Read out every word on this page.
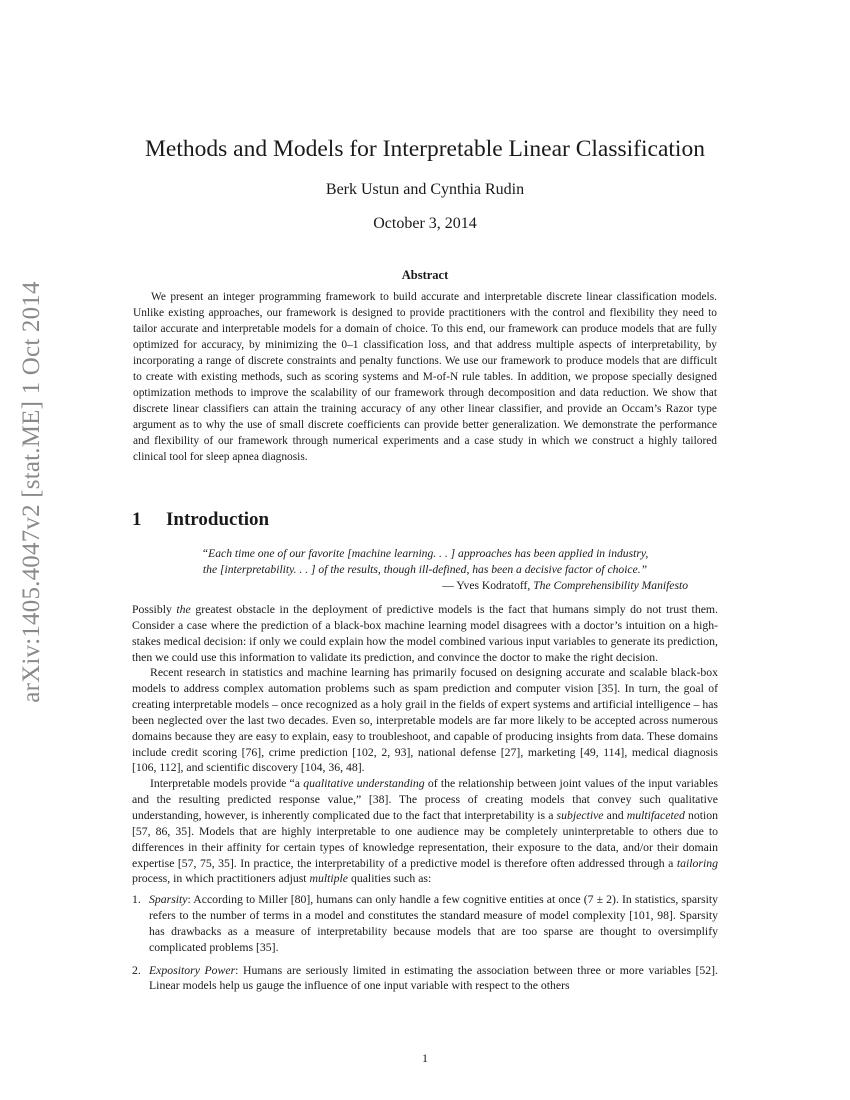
arXiv:1405.4047v2 [stat.ME] 1 Oct 2014
Methods and Models for Interpretable Linear Classification
Berk Ustun and Cynthia Rudin
October 3, 2014
Abstract

We present an integer programming framework to build accurate and interpretable discrete linear classification models. Unlike existing approaches, our framework is designed to provide practitioners with the control and flexibility they need to tailor accurate and interpretable models for a domain of choice. To this end, our framework can produce models that are fully optimized for accuracy, by minimizing the 0–1 classification loss, and that address multiple aspects of interpretability, by incorporating a range of discrete constraints and penalty functions. We use our framework to produce models that are difficult to create with existing methods, such as scoring systems and M-of-N rule tables. In addition, we propose specially designed optimization methods to improve the scalability of our framework through decomposition and data reduction. We show that discrete linear classifiers can attain the training accuracy of any other linear classifier, and provide an Occam’s Razor type argument as to why the use of small discrete coefficients can provide better generalization. We demonstrate the performance and flexibility of our framework through numerical experiments and a case study in which we construct a highly tailored clinical tool for sleep apnea diagnosis.

1 Introduction
“Each time one of our favorite [machine learning. . . ] approaches has been applied in industry,
the [interpretability. . . ] of the results, though ill-defined, has been a decisive factor of choice.”
— Yves Kodratoff, The Comprehensibility Manifesto

Possibly the greatest obstacle in the deployment of predictive models is the fact that humans simply do not trust them. Consider a case where the prediction of a black-box machine learning model disagrees with a doctor’s intuition on a high-stakes medical decision: if only we could explain how the model combined various input variables to generate its prediction, then we could use this information to validate its prediction, and convince the doctor to make the right decision.

Recent research in statistics and machine learning has primarily focused on designing accurate and scalable black-box models to address complex automation problems such as spam prediction and computer vision [35]. In turn, the goal of creating interpretable models – once recognized as a holy grail in the fields of expert systems and artificial intelligence – has been neglected over the last two decades. Even so, interpretable models are far more likely to be accepted across numerous domains because they are easy to explain, easy to troubleshoot, and capable of producing insights from data. These domains include credit scoring [76], crime prediction [102, 2, 93], national defense [27], marketing [49, 114], medical diagnosis [106, 112], and scientific discovery [104, 36, 48].

Interpretable models provide “a qualitative understanding of the relationship between joint values of the input variables and the resulting predicted response value,” [38]. The process of creating models that convey such qualitative understanding, however, is inherently complicated due to the fact that interpretability is a subjective and multifaceted notion [57, 86, 35]. Models that are highly interpretable to one audience may be completely uninterpretable to others due to differences in their affinity for certain types of knowledge representation, their exposure to the data, and/or their domain expertise [57, 75, 35]. In practice, the interpretability of a predictive model is therefore often addressed through a tailoring process, in which practitioners adjust multiple qualities such as:

1. Sparsity: According to Miller [80], humans can only handle a few cognitive entities at once (7 ± 2). In statistics, sparsity refers to the number of terms in a model and constitutes the standard measure of model complexity [101, 98]. Sparsity has drawbacks as a measure of interpretability because models that are too sparse are thought to oversimplify complicated problems [35].
2. Expository Power: Humans are seriously limited in estimating the association between three or more variables [52]. Linear models help us gauge the influence of one input variable with respect to the others
1
